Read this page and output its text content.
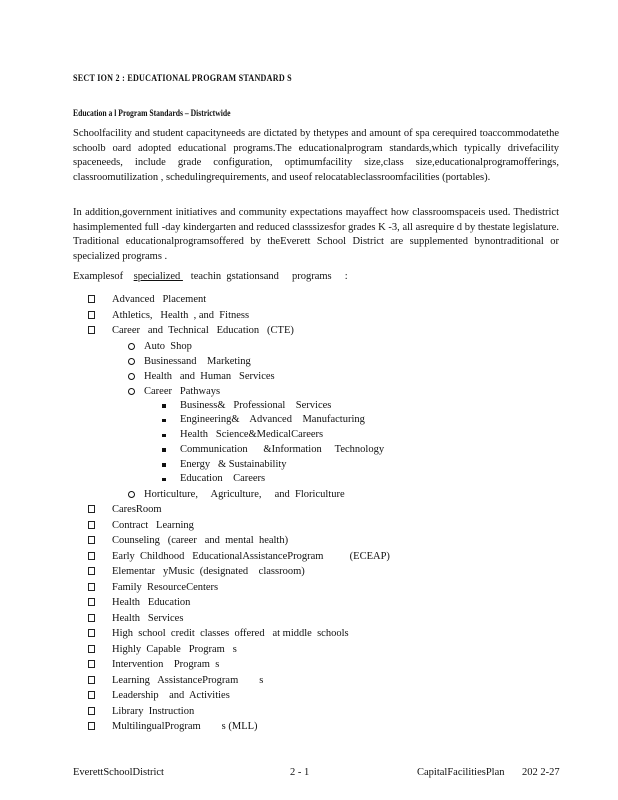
SECT ION 2 : EDUCATIONAL PROGRAM STANDARD S
Education a l Program Standards – Districtwide

Schoolfacility and student capacityneeds are dictated by thetypes and amount of spa cerequired toaccommodatethe schoolb oard adopted educational programs.The educationalprogram standards,which typically drivefacility spaceneeds, include grade configuration, optimumfacility size,class size,educationalprogramofferings, classroomutilization , schedulingrequirements, and useof relocatableclassroomfacilities (portables).

In addition,government initiatives and community expectations mayaffect how classroomspaceis used. Thedistrict hasimplemented full -day kindergarten and reduced classsizesfor grades K -3, all asrequire d by thestate legislature. Traditional educationalprogramsoffered by theEverett School District are supplemented bynontraditional or specialized programs .

Examplesof    specialized    teachin  gstationsand     programs     :
Advanced   Placement
Athletics,   Health  , and  Fitness
Career   and  Technical   Education   (CTE)
Auto  Shop
Businessand    Marketing
Health   and  Human   Services
Career   Pathways
Business&   Professional    Services
Engineering&    Advanced    Manufacturing
Health   Science&MedicalCareers
Communication      &Information     Technology
Energy   & Sustainability
Education    Careers
Horticulture,     Agriculture,     and  Floriculture
CaresRoom
Contract   Learning
Counseling   (career   and  mental  health)
Early  Childhood   EducationalAssistanceProgram          (ECEAP)
Elementar   yMusic  (designated    classroom)
Family  ResourceCenters
Health   Education
Health   Services
High  school  credit  classes  offered   at middle  schools
Highly  Capable   Program   s
Intervention    Program  s
Learning   AssistanceProgram        s
Leadership    and  Activities
Library  Instruction
MultilingualProgram        s (MLL)
EverettSchoolDistrict	2 - 1	CapitalFacilitiesPlan 202 2-27
